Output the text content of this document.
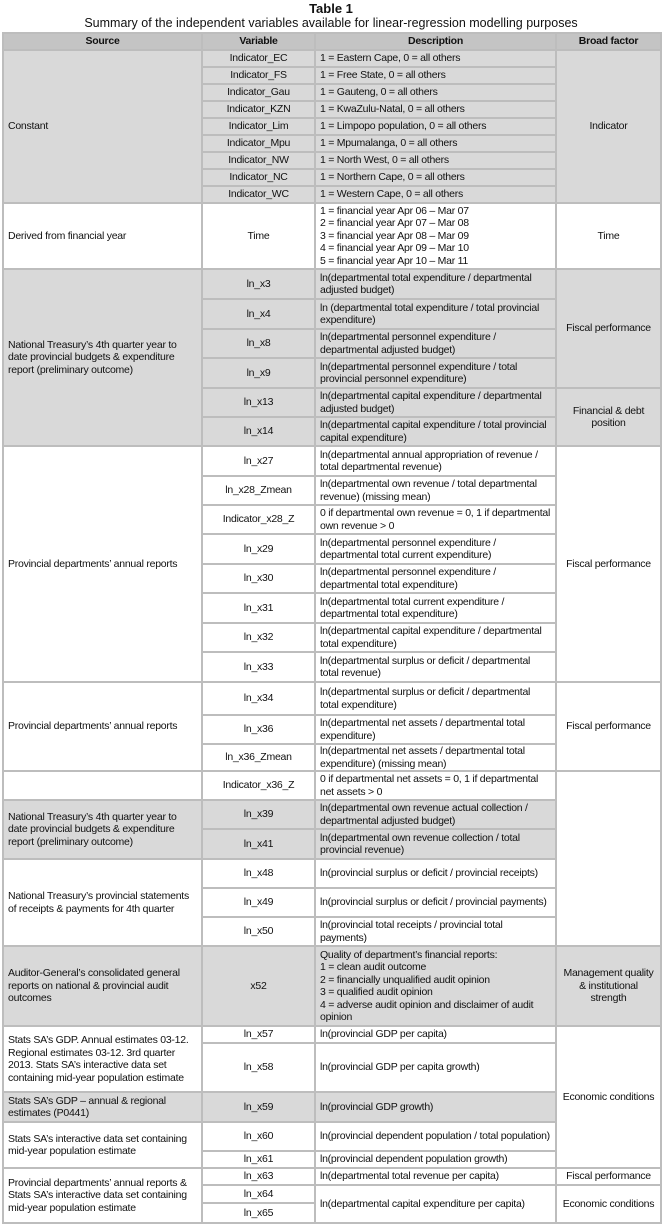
Table 1
Summary of the independent variables available for linear-regression modelling purposes
Source	Variable	Description	Broad factor
Constant	Indicator_EC	1 = Eastern Cape, 0 = all others	Indicator
	Indicator_FS	1 = Free State, 0 = all others	
	Indicator_Gau	1 = Gauteng, 0 = all others	
	Indicator_KZN	1 = KwaZulu-Natal, 0 = all others	
	Indicator_Lim	1 = Limpopo population, 0 = all others	
	Indicator_Mpu	1 = Mpumalanga, 0 = all others	
	Indicator_NW	1 = North West, 0 = all others	
	Indicator_NC	1 = Northern Cape, 0 = all others	
	Indicator_WC	1 = Western Cape, 0 = all others	
Derived from financial year	Time	1 = financial year Apr 06 – Mar 07
2 = financial year Apr 07 – Mar 08
3 = financial year Apr 08 – Mar 09
4 = financial year Apr 09 – Mar 10
5 = financial year Apr 10 – Mar 11	Time
National Treasury’s 4th quarter year to date provincial budgets & expenditure report (preliminary outcome)	ln_x3	ln(departmental total expenditure / departmental adjusted budget)	Fiscal performance
	ln_x4	ln (departmental total expenditure / total provincial expenditure)	
	ln_x8	ln(departmental personnel expenditure / departmental adjusted budget)	
	ln_x9	ln(departmental personnel expenditure / total provincial personnel expenditure)	
	ln_x13	ln(departmental capital expenditure / departmental adjusted budget)	Financial & debt position
	ln_x14	ln(departmental capital expenditure / total provincial capital expenditure)	
Provincial departments’ annual reports	ln_x27	ln(departmental annual appropriation of revenue / total departmental revenue)	Fiscal performance
	ln_x28_Zmean	ln(departmental own revenue / total departmental revenue) (missing mean)	
	Indicator_x28_Z	0 if departmental own revenue = 0, 1 if departmental own revenue > 0	
	ln_x29	ln(departmental personnel expenditure / departmental total current expenditure)	
	ln_x30	ln(departmental personnel expenditure / departmental total expenditure)	
	ln_x31	ln(departmental total current expenditure / departmental total expenditure)	
	ln_x32	ln(departmental capital expenditure / departmental total expenditure)	
	ln_x33	ln(departmental surplus or deficit / departmental total revenue)	
Provincial departments’ annual reports	ln_x34	ln(departmental surplus or deficit / departmental total expenditure)	Fiscal performance
	ln_x36	ln(departmental net assets / departmental total expenditure)	
	ln_x36_Zmean	ln(departmental net assets / departmental total expenditure) (missing mean)	
	Indicator_x36_Z	0 if departmental net assets = 0, 1 if departmental net assets > 0	
National Treasury’s 4th quarter year to date provincial budgets & expenditure report (preliminary outcome)	ln_x39	ln(departmental own revenue actual collection / departmental adjusted budget)	
	ln_x41	ln(departmental own revenue collection / total provincial revenue)	
National Treasury’s provincial statements of receipts & payments for 4th quarter	ln_x48	ln(provincial surplus or deficit / provincial receipts)	
	ln_x49	ln(provincial surplus or deficit / provincial payments)	
	ln_x50	ln(provincial total receipts / provincial total payments)	
Auditor-General’s consolidated general reports on national & provincial audit outcomes	x52	Quality of department’s financial reports:
1 = clean audit outcome
2 = financially unqualified audit opinion
3 = qualified audit opinion
4 = adverse audit opinion and disclaimer of audit opinion	Management quality & institutional strength
Stats SA’s GDP. Annual estimates 03-12. Regional estimates 03-12. 3rd quarter 2013. Stats SA’s interactive data set containing mid-year population estimate	ln_x57	ln(provincial GDP per capita)	Economic conditions
	ln_x58	ln(provincial GDP per capita growth)	
Stats SA’s GDP – annual & regional estimates (P0441)	ln_x59	ln(provincial GDP growth)	
Stats SA’s interactive data set containing mid-year population estimate	ln_x60	ln(provincial dependent population / total population)	
	ln_x61	ln(provincial dependent population growth)	
Provincial departments’ annual reports & Stats SA’s interactive data set containing mid-year population estimate	ln_x63	ln(departmental total revenue per capita)	Fiscal performance
	ln_x64	ln(departmental capital expenditure per capita)	Economic conditions
	ln_x65		
